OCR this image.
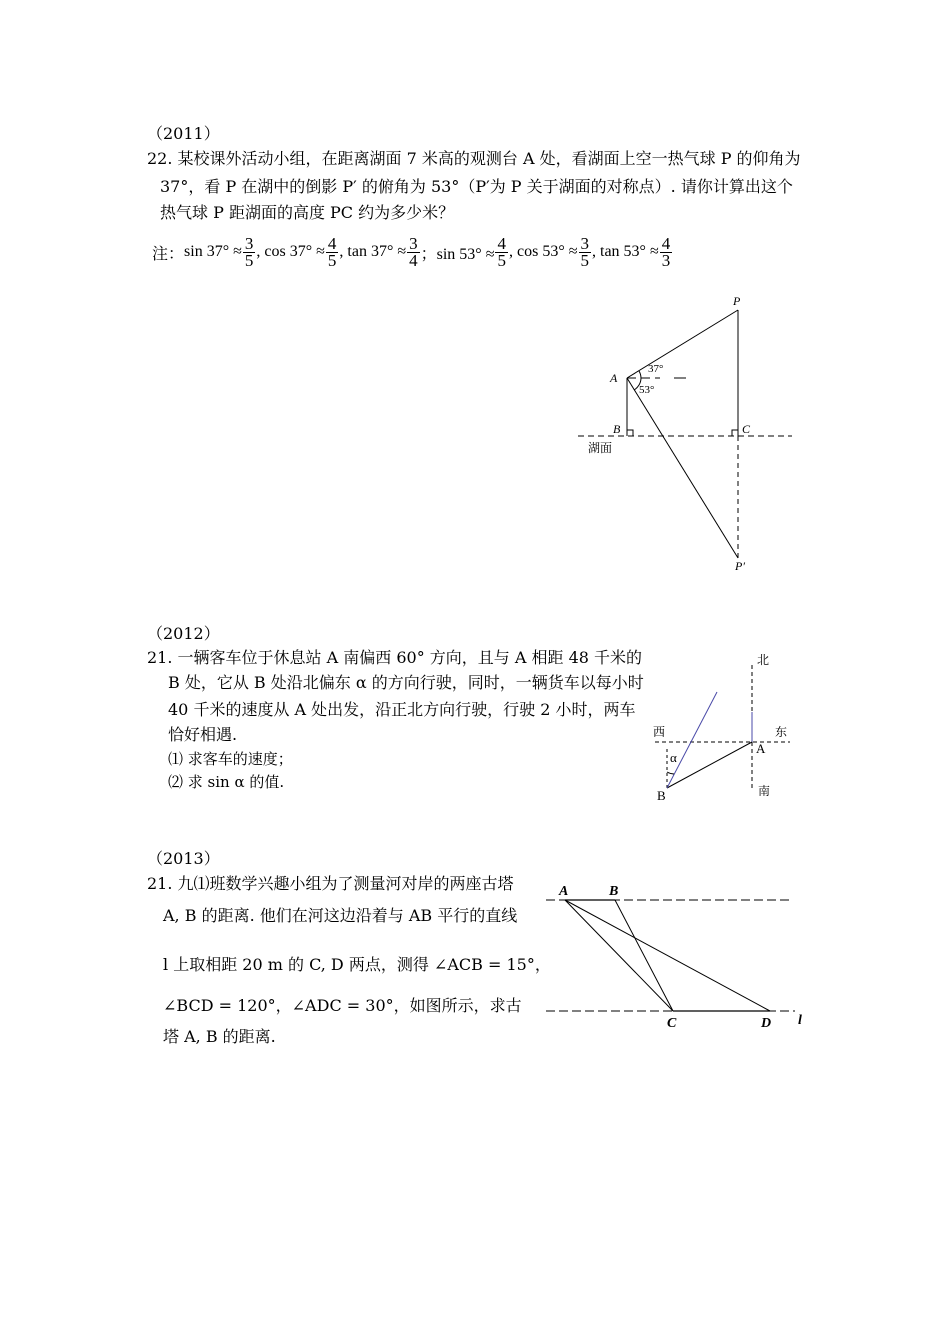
（2011）
22. 某校课外活动小组，在距离湖面 7 米高的观测台 A 处，看湖面上空一热气球 P 的仰角为
37°，看 P 在湖中的倒影 P′ 的俯角为 53°（P′为 P 关于湖面的对称点）. 请你计算出这个
热气球 P 距湖面的高度 PC 约为多少米？
注： $\sin 37^\circ \approx \frac{3}{5}$ , $\cos 37^\circ \approx \frac{4}{5}$ , $\tan 37^\circ \approx \frac{3}{4}$ ；$\sin 53^\circ \approx \frac{4}{5}$ , $\cos 53^\circ \approx \frac{3}{5}$ , $\tan 53^\circ \approx \frac{4}{3}$
P
A
37°
53°
B	C
湖面
P′
（2012）
21. 一辆客车位于休息站 A 南偏西 60° 方向，且与 A 相距 48 千米的
B 处，它从 B 处沿北偏东 α 的方向行驶，同时，一辆货车以每小时
40 千米的速度从 A 处出发，沿正北方向行驶，行驶 2 小时，两车
恰好相遇.
⑴ 求客车的速度；
⑵ 求 sin α 的值.
北
西	东
南
A
B
α
（2013）
21. 九⑴班数学兴趣小组为了测量河对岸的两座古塔
A, B 的距离. 他们在河这边沿着与 AB 平行的直线
l 上取相距 20 m 的 C, D 两点，测得 ∠ACB = 15°，
∠BCD = 120°，∠ADC = 30°，如图所示，求古
塔 A, B 的距离.
A	B
C	D l
